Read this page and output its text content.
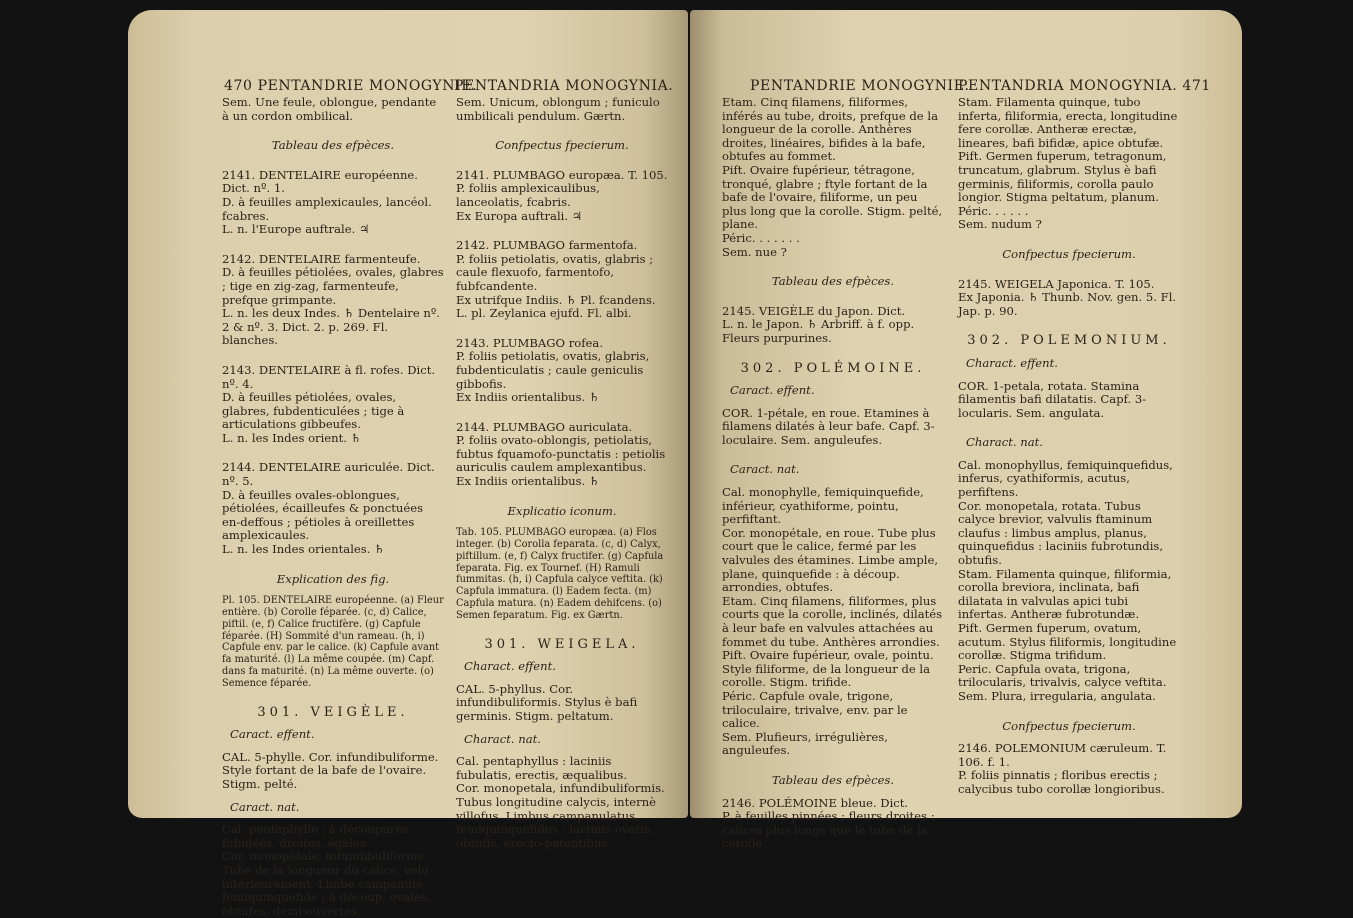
470 PENTANDRIE MONOGYNIE.
PENTANDRIA MONOGYNIA.

Sem. Une feule, oblongue, pendante à un cordon ombilical.

Tableau des efpèces.

2141. DENTELAIRE européenne. Dict. nº. 1.

D. à feuilles amplexicaules, lancéol. fcabres.

L. n. l'Europe auftrale. ♃

2142. DENTELAIRE farmenteufe.

D. à feuilles pétiolées, ovales, glabres ; tige en zig-zag, farmenteufe, prefque grimpante.

L. n. les deux Indes. ♄ Dentelaire nº. 2 & nº. 3. Dict. 2. p. 269. Fl. blanches.

2143. DENTELAIRE à fl. rofes. Dict. nº. 4.

D. à feuilles pétiolées, ovales, glabres, fubdenticulées ; tige à articulations gibbeufes.

L. n. les Indes orient. ♄

2144. DENTELAIRE auriculée. Dict. nº. 5.

D. à feuilles ovales-oblongues, pétiolées, écailleufes & ponctuées en-deffous ; pétioles à oreillettes amplexicaules.

L. n. les Indes orientales. ♄

Explication des fig.

Pl. 105. DENTELAIRE européenne. (a) Fleur entière. (b) Corolle féparée. (c, d) Calice, piftil. (e, f) Calice fructifère. (g) Capfule féparée. (H) Sommité d'un rameau. (h, i) Capfule env. par le calice. (k) Capfule avant fa maturité. (l) La même coupée. (m) Capf. dans fa maturité. (n) La même ouverte. (o) Semence féparée.

301. VEIGÈLE.

Caract. effent.

CAL. 5-phylle. Cor. infundibuliforme. Style fortant de la bafe de l'ovaire. Stigm. pelté.

Caract. nat.

Cal. pentaphylle ; à découpures fubulées, droites, égales.

Cor. monopétale, infundibuliforme. Tube de la longueur du calice, velu intérieurement. Limbe campanulé, femiquinquefide ; à découp. ovales, obtufes, demi-ouvertes.

Sem. Unicum, oblongum ; funiculo umbilicali pendulum. Gærtn.

Confpectus fpecierum.

2141. PLUMBAGO europæa. T. 105.

P. foliis amplexicaulibus, lanceolatis, fcabris.

Ex Europa auftrali. ♃

2142. PLUMBAGO farmentofa.

P. foliis petiolatis, ovatis, glabris ; caule flexuofo, farmentofo, fubfcandente.

Ex utrifque Indiis. ♄ Pl. fcandens. L. pl. Zeylanica ejufd. Fl. albi.

2143. PLUMBAGO rofea.

P. foliis petiolatis, ovatis, glabris, fubdenticulatis ; caule geniculis gibbofis.

Ex Indiis orientalibus. ♄

2144. PLUMBAGO auriculata.

P. foliis ovato-oblongis, petiolatis, fubtus fquamofo-punctatis : petiolis auriculis caulem amplexantibus.

Ex Indiis orientalibus. ♄

Explicatio iconum.

Tab. 105. PLUMBAGO europæa. (a) Flos integer. (b) Corolla feparata. (c, d) Calyx, piftillum. (e, f) Calyx fructifer. (g) Capfula feparata. Fig. ex Tournef. (H) Ramuli fummitas. (h, i) Capfula calyce veftita. (k) Capfula immatura. (l) Eadem fecta. (m) Capfula matura. (n) Eadem dehifcens. (o) Semen feparatum. Fig. ex Gærtn.

301. WEIGELA.

Charact. effent.

CAL. 5-phyllus. Cor. infundibuliformis. Stylus è bafi germinis. Stigm. peltatum.

Charact. nat.

Cal. pentaphyllus : laciniis fubulatis, erectis, æqualibus.

Cor. monopetala, infundibuliformis. Tubus longitudine calycis, internè villofus. Limbus campanulatus, femiquinquefidus : laciniis ovatis, obtufis, erecto-patentibus.

PENTANDRIE MONOGYNIE.
PENTANDRIA MONOGYNIA. 471

Etam. Cinq filamens, filiformes, inférés au tube, droits, prefque de la longueur de la corolle. Anthères droites, linéaires, bifides à la bafe, obtufes au fommet.

Pift. Ovaire fupérieur, tétragone, tronqué, glabre ; ftyle fortant de la bafe de l'ovaire, filiforme, un peu plus long que la corolle. Stigm. pelté, plane.

Péric. . . . . . .

Sem. nue ?

Tableau des efpèces.

2145. VEIGÈLE du Japon. Dict.

L. n. le Japon. ♄ Arbriff. à f. opp. Fleurs purpurines.

302. POLÉMOINE.

Caract. effent.

COR. 1-pétale, en roue. Etamines à filamens dilatés à leur bafe. Capf. 3-loculaire. Sem. anguleufes.

Caract. nat.

Cal. monophylle, femiquinquefide, inférieur, cyathiforme, pointu, perfiftant.

Cor. monopétale, en roue. Tube plus court que le calice, fermé par les valvules des étamines. Limbe ample, plane, quinquefide : à découp. arrondies, obtufes.

Etam. Cinq filamens, filiformes, plus courts que la corolle, inclinés, dilatés à leur bafe en valvules attachées au fommet du tube. Anthères arrondies.

Pift. Ovaire fupérieur, ovale, pointu. Style filiforme, de la longueur de la corolle. Stigm. trifide.

Péric. Capfule ovale, trigone, triloculaire, trivalve, env. par le calice.

Sem. Plufieurs, irrégulières, anguleufes.

Tableau des efpèces.

2146. POLÉMOINE bleue. Dict.

P. à feuilles pinnées ; fleurs droites ; calices plus longs que le tube de la corolle.

Stam. Filamenta quinque, tubo inferta, filiformia, erecta, longitudine fere corollæ. Antheræ erectæ, lineares, bafi bifidæ, apice obtufæ.

Pift. Germen fuperum, tetragonum, truncatum, glabrum. Stylus è bafi germinis, filiformis, corolla paulo longior. Stigma peltatum, planum.

Péric. . . . . .

Sem. nudum ?

Confpectus fpecierum.

2145. WEIGELA Japonica. T. 105.

Ex Japonia. ♄ Thunb. Nov. gen. 5. Fl. Jap. p. 90.

302. POLEMONIUM.

Charact. effent.

COR. 1-petala, rotata. Stamina filamentis bafi dilatatis. Capf. 3-locularis. Sem. angulata.

Charact. nat.

Cal. monophyllus, femiquinquefidus, inferus, cyathiformis, acutus, perfiftens.

Cor. monopetala, rotata. Tubus calyce brevior, valvulis ftaminum claufus : limbus amplus, planus, quinquefidus : laciniis fubrotundis, obtufis.

Stam. Filamenta quinque, filiformia, corolla breviora, inclinata, bafi dilatata in valvulas apici tubi infertas. Antheræ fubrotundæ.

Pift. Germen fuperum, ovatum, acutum. Stylus filiformis, longitudine corollæ. Stigma trifidum.

Peric. Capfula ovata, trigona, trilocularis, trivalvis, calyce veftita.

Sem. Plura, irregularia, angulata.

Confpectus fpecierum.

2146. POLEMONIUM cæruleum. T. 106. f. 1.

P. foliis pinnatis ; floribus erectis ; calycibus tubo corollæ longioribus.
